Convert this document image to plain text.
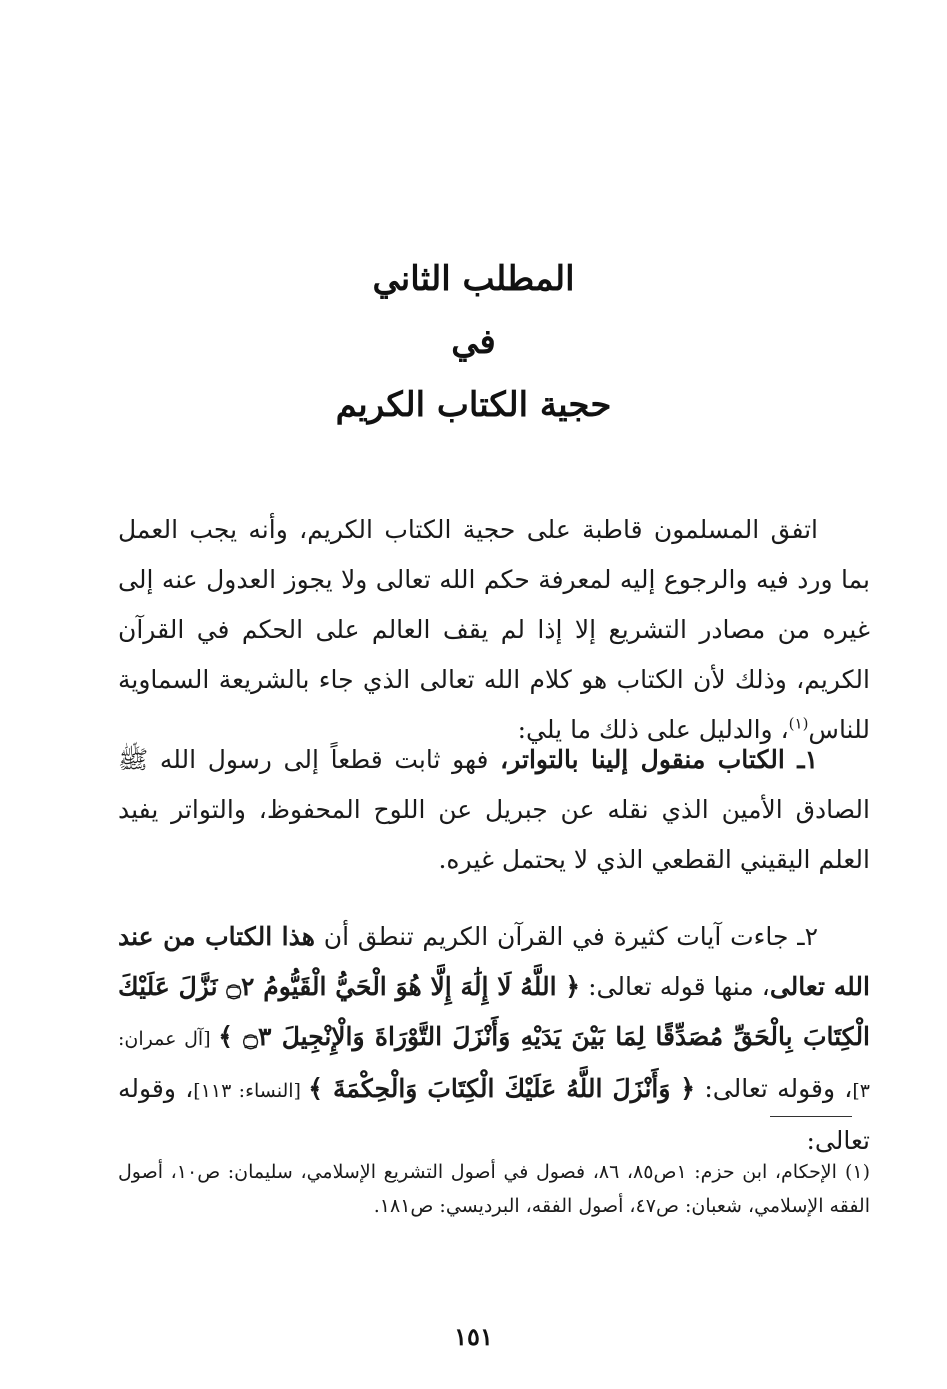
المطلب الثاني
في
حجية الكتاب الكريم

اتفق المسلمون قاطبة على حجية الكتاب الكريم، وأنه يجب العمل بما ورد فيه والرجوع إليه لمعرفة حكم الله تعالى ولا يجوز العدول عنه إلى غيره من مصادر التشريع إلا إذا لم يقف العالم على الحكم في القرآن الكريم، وذلك لأن الكتاب هو كلام الله تعالى الذي جاء بالشريعة السماوية للناس$^{(١)}$، والدليل على ذلك ما يلي:

١ـ الكتاب منقول إلينا بالتواتر، فهو ثابت قطعاً إلى رسول الله ﷺ الصادق الأمين الذي نقله عن جبريل عن اللوح المحفوظ، والتواتر يفيد العلم اليقيني القطعي الذي لا يحتمل غيره.

٢ـ جاءت آيات كثيرة في القرآن الكريم تنطق أن هذا الكتاب من عند الله تعالى، منها قوله تعالى: ﴿ اللَّهُ لَا إِلَٰهَ إِلَّا هُوَ الْحَيُّ الْقَيُّومُ ۝٢ نَزَّلَ عَلَيْكَ الْكِتَابَ بِالْحَقِّ مُصَدِّقًا لِمَا بَيْنَ يَدَيْهِ وَأَنْزَلَ التَّوْرَاةَ وَالْإِنْجِيلَ ۝٣ ﴾ [آل عمران: ٣]، وقوله تعالى: ﴿ وَأَنْزَلَ اللَّهُ عَلَيْكَ الْكِتَابَ وَالْحِكْمَةَ ﴾ [النساء: ١١٣]، وقوله تعالى:

(١)الإحكام، ابن حزم: ١ص٨٥، ٨٦، فصول في أصول التشريع الإسلامي، سليمان: ص١٠، أصول الفقه الإسلامي، شعبان: ص٤٧، أصول الفقه، البرديسي: ص١٨١.

١٥١
